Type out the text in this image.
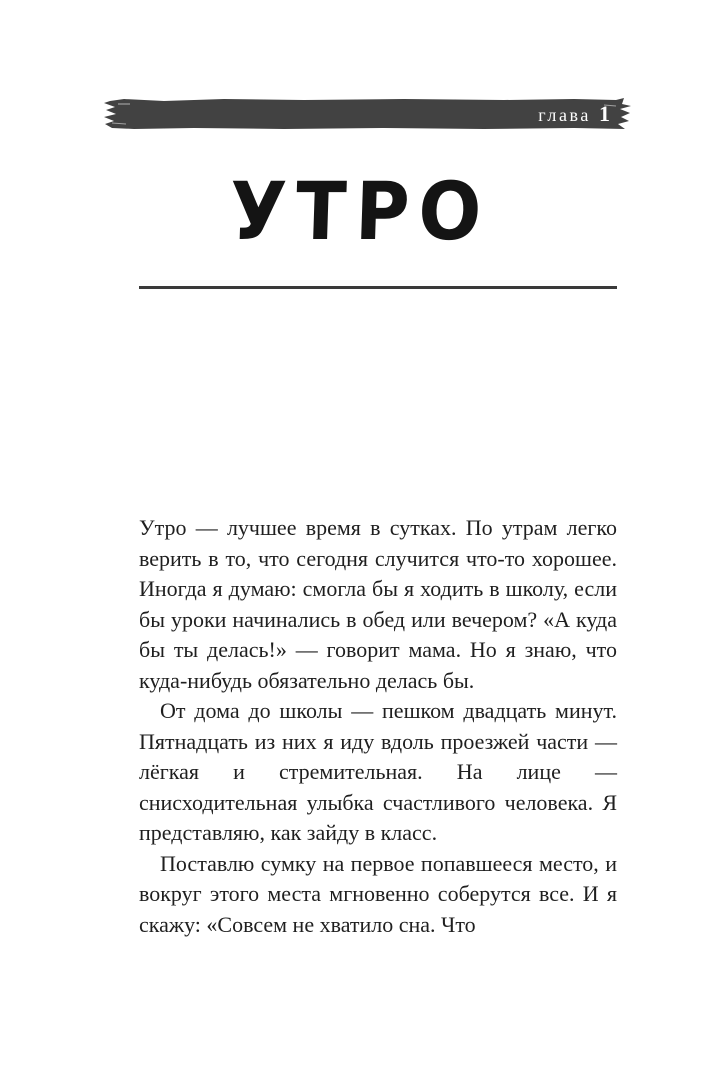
глава 1
УТРО

Утро — лучшее время в сутках. По утрам легко верить в то, что сегодня случится что-то хорошее. Иногда я думаю: смогла бы я ходить в школу, если бы уроки начинались в обед или вечером? «А куда бы ты делась!» — говорит мама. Но я знаю, что куда-нибудь обязательно делась бы.

От дома до школы — пешком двадцать минут. Пятнадцать из них я иду вдоль проезжей части — лёгкая и стремительная. На лице — снисходительная улыбка счастливого человека. Я представляю, как зайду в класс.

Поставлю сумку на первое попавшееся место, и вокруг этого места мгновенно соберутся все. И я скажу: «Совсем не хватило сна. Что
